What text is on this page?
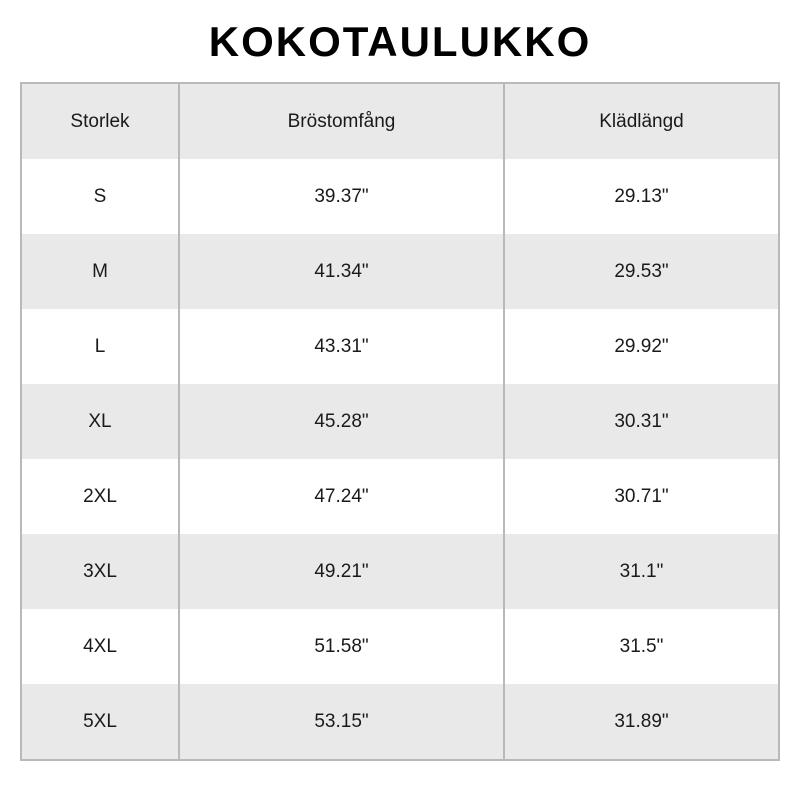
KOKOTAULUKKO
Storlek	Bröstomfång	Klädlängd
S	39.37"	29.13"
M	41.34"	29.53"
L	43.31"	29.92"
XL	45.28"	30.31"
2XL	47.24"	30.71"
3XL	49.21"	31.1"
4XL	51.58"	31.5"
5XL	53.15"	31.89"
